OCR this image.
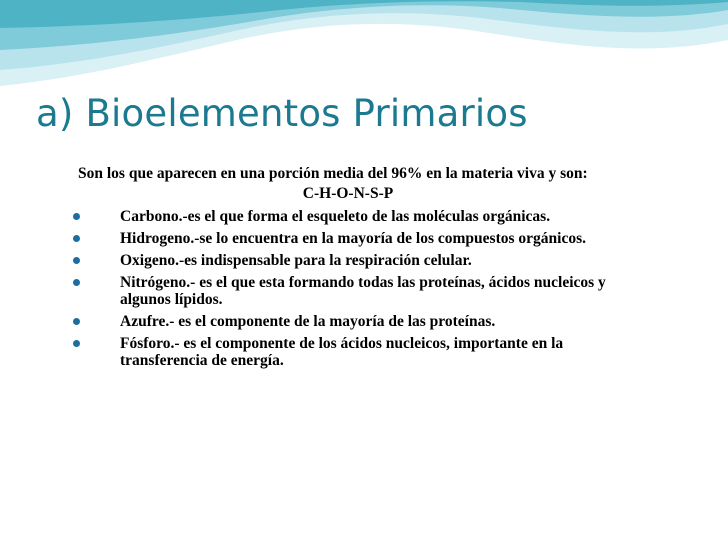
a) Bioelementos Primarios

Son los que aparecen en una porción media del 96% en la materia viva y son:

C-H-O-N-S-P

Carbono.-es el que forma el esqueleto de las moléculas orgánicas.
Hidrogeno.-se lo encuentra en la mayoría de los compuestos orgánicos.
Oxigeno.-es indispensable para la respiración celular.
Nitrógeno.- es el que esta formando todas las proteínas, ácidos nucleicos y algunos lípidos.
Azufre.- es el componente de la mayoría de las proteínas.
Fósforo.- es el componente de los ácidos nucleicos, importante en la transferencia de energía.
